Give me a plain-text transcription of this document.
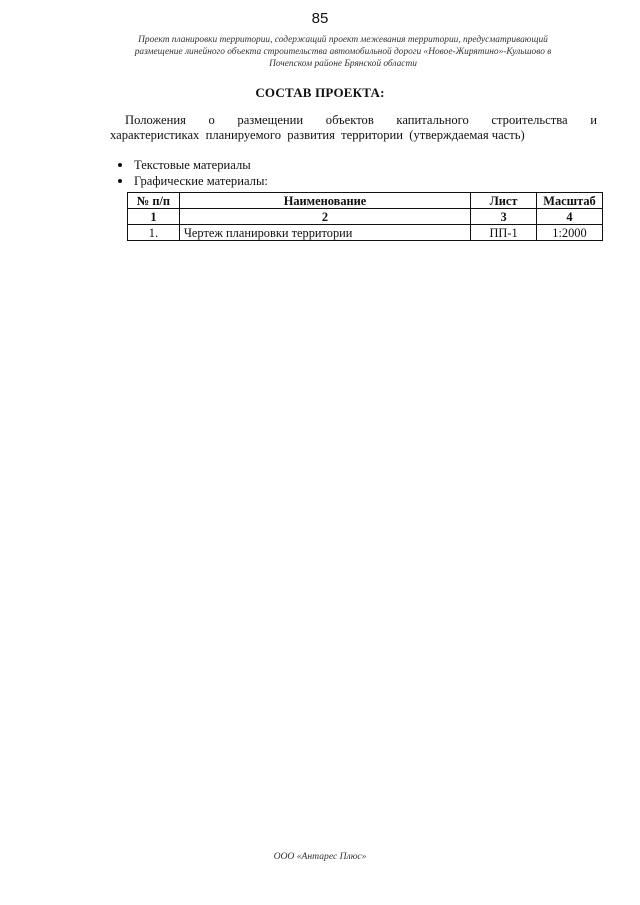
85
Проект планировки территории, содержащий проект межевания территории, предусматривающий
размещение линейного объекта строительства автомобильной дороги «Новое-Жирятино»-Кульшово в
Почепском районе Брянской области
СОСТАВ ПРОЕКТА:
Положения о размещении объектов капитального строительства и
характеристиках  планируемого  развития  территории  (утверждаемая часть)
Текстовые материалы
Графические материалы:
№ п/п	Наименование	Лист	Масштаб
1	2	3	4
1.	Чертеж планировки территории	ПП-1	1:2000
ООО «Антарес Плюс»
